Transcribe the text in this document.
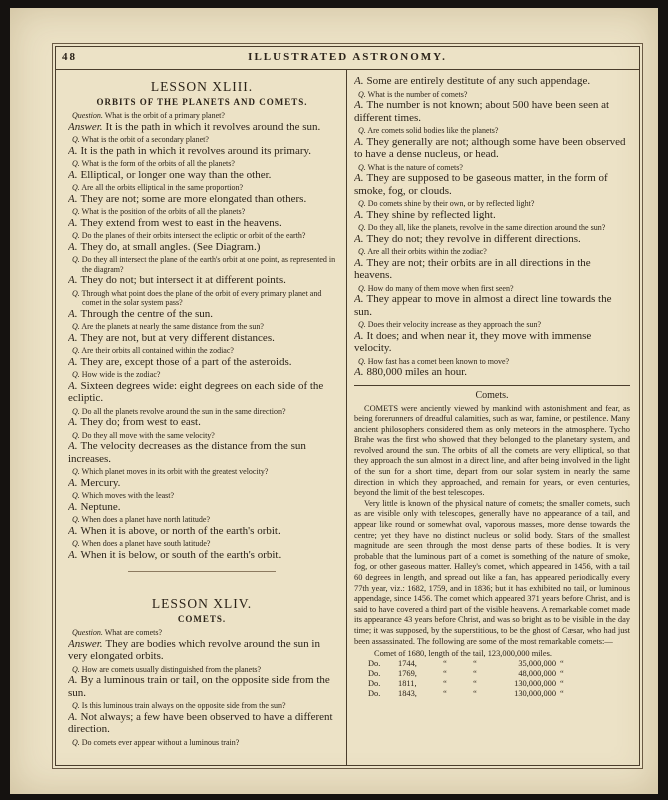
48	ILLUSTRATED ASTRONOMY.
LESSON XLIII.
ORBITS OF THE PLANETS AND COMETS.

Question. What is the orbit of a primary planet?

Answer. It is the path in which it revolves around the sun.

Q. What is the orbit of a secondary planet?

A. It is the path in which it revolves around its primary.

Q. What is the form of the orbits of all the planets?

A. Elliptical, or longer one way than the other.

Q. Are all the orbits elliptical in the same proportion?

A. They are not; some are more elongated than others.

Q. What is the position of the orbits of all the planets?

A. They extend from west to east in the heavens.

Q. Do the planes of their orbits intersect the ecliptic or orbit of the earth?

A. They do, at small angles. (See Diagram.)

Q. Do they all intersect the plane of the earth's orbit at one point, as represented in the diagram?

A. They do not; but intersect it at different points.

Q. Through what point does the plane of the orbit of every primary planet and comet in the solar system pass?

A. Through the centre of the sun.

Q. Are the planets at nearly the same distance from the sun?

A. They are not, but at very different distances.

Q. Are their orbits all contained within the zodiac?

A. They are, except those of a part of the asteroids.

Q. How wide is the zodiac?

A. Sixteen degrees wide: eight degrees on each side of the ecliptic.

Q. Do all the planets revolve around the sun in the same direction?

A. They do; from west to east.

Q. Do they all move with the same velocity?

A. The velocity decreases as the distance from the sun increases.

Q. Which planet moves in its orbit with the greatest velocity?

A. Mercury.

Q. Which moves with the least?

A. Neptune.

Q. When does a planet have north latitude?

A. When it is above, or north of the earth's orbit.

Q. When does a planet have south latitude?

A. When it is below, or south of the earth's orbit.

LESSON XLIV.
COMETS.

Question. What are comets?

Answer. They are bodies which revolve around the sun in very elongated orbits.

Q. How are comets usually distinguished from the planets?

A. By a luminous train or tail, on the opposite side from the sun.

Q. Is this luminous train always on the opposite side from the sun?

A. Not always; a few have been observed to have a different direction.

Q. Do comets ever appear without a luminous train?

A. Some are entirely destitute of any such appendage.

Q. What is the number of comets?

A. The number is not known; about 500 have been seen at different times.

Q. Are comets solid bodies like the planets?

A. They generally are not; although some have been observed to have a dense nucleus, or head.

Q. What is the nature of comets?

A. They are supposed to be gaseous matter, in the form of smoke, fog, or clouds.

Q. Do comets shine by their own, or by reflected light?

A. They shine by reflected light.

Q. Do they all, like the planets, revolve in the same direction around the sun?

A. They do not; they revolve in different directions.

Q. Are all their orbits within the zodiac?

A. They are not; their orbits are in all directions in the heavens.

Q. How do many of them move when first seen?

A. They appear to move in almost a direct line towards the sun.

Q. Does their velocity increase as they approach the sun?

A. It does; and when near it, they move with immense velocity.

Q. How fast has a comet been known to move?

A. 880,000 miles an hour.

Comets.

COMETS were anciently viewed by mankind with astonishment and fear, as being forerunners of dreadful calamities, such as war, famine, or pestilence. Many ancient philosophers considered them as only meteors in the atmosphere. Tycho Brahe was the first who showed that they belonged to the planetary system, and revolved around the sun. The orbits of all the comets are very elliptical, so that they approach the sun almost in a direct line, and after being involved in the light of the sun for a short time, depart from our solar system in nearly the same direction in which they approached, and remain for years, or even centuries, beyond the limit of the best telescopes.

Very little is known of the physical nature of comets; the smaller comets, such as are visible only with telescopes, generally have no appearance of a tail, and appear like round or somewhat oval, vaporous masses, more dense towards the centre; yet they have no distinct nucleus or solid body. Stars of the smallest magnitude are seen through the most dense parts of these bodies. It is very probable that the luminous part of a comet is something of the nature of smoke, fog, or other gaseous matter. Halley's comet, which appeared in 1456, with a tail 60 degrees in length, and spread out like a fan, has appeared periodically every 77th year, viz.: 1682, 1759, and in 1836; but it has exhibited no tail, or luminous appendage, since 1456. The comet which appeared 371 years before Christ, and is said to have covered a third part of the visible heavens. A remarkable comet made its appearance 43 years before Christ, and was so bright as to be visible in the day time; it was supposed, by the superstitious, to be the ghost of Cæsar, who had just been assassinated. The following are some of the most remarkable comets:—

Comet of 1680, length of the tail, 123,000,000 miles.
Do.	1744,	“	“	35,000,000 “
Do.	1769,	“	“	48,000,000 “
Do.	1811,	“	“	130,000,000 “
Do.	1843,	“	“	130,000,000 “
